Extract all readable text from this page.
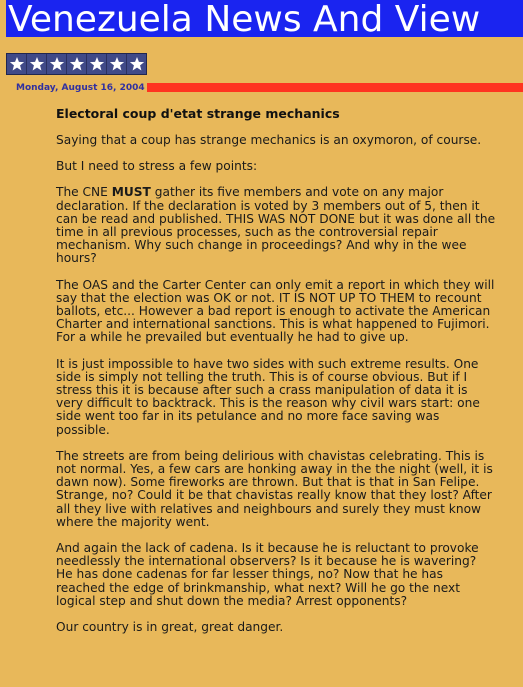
Venezuela News And View
Monday, August 16, 2004
Electoral coup d'etat strange mechanics

Saying that a coup has strange mechanics is an oxymoron, of course.

But I need to stress a few points:

The CNE MUST gather its five members and vote on any major declaration. If the declaration is voted by 3 members out of 5, then it can be read and published. THIS WAS NOT DONE but it was done all the time in all previous processes, such as the controversial repair mechanism. Why such change in proceedings? And why in the wee hours?

The OAS and the Carter Center can only emit a report in which they will say that the election was OK or not. IT IS NOT UP TO THEM to recount ballots, etc... However a bad report is enough to activate the American Charter and international sanctions. This is what happened to Fujimori. For a while he prevailed but eventually he had to give up.

It is just impossible to have two sides with such extreme results. One side is simply not telling the truth. This is of course obvious. But if I stress this it is because after such a crass manipulation of data it is very difficult to backtrack. This is the reason why civil wars start: one side went too far in its petulance and no more face saving was possible.

The streets are from being delirious with chavistas celebrating. This is not normal. Yes, a few cars are honking away in the the night (well, it is dawn now). Some fireworks are thrown. But that is that in San Felipe. Strange, no? Could it be that chavistas really know that they lost? After all they live with relatives and neighbours and surely they must know where the majority went.

And again the lack of cadena. Is it because he is reluctant to provoke needlessly the international observers? Is it because he is wavering? He has done cadenas for far lesser things, no? Now that he has reached the edge of brinkmanship, what next? Will he go the next logical step and shut down the media? Arrest opponents?

Our country is in great, great danger.
